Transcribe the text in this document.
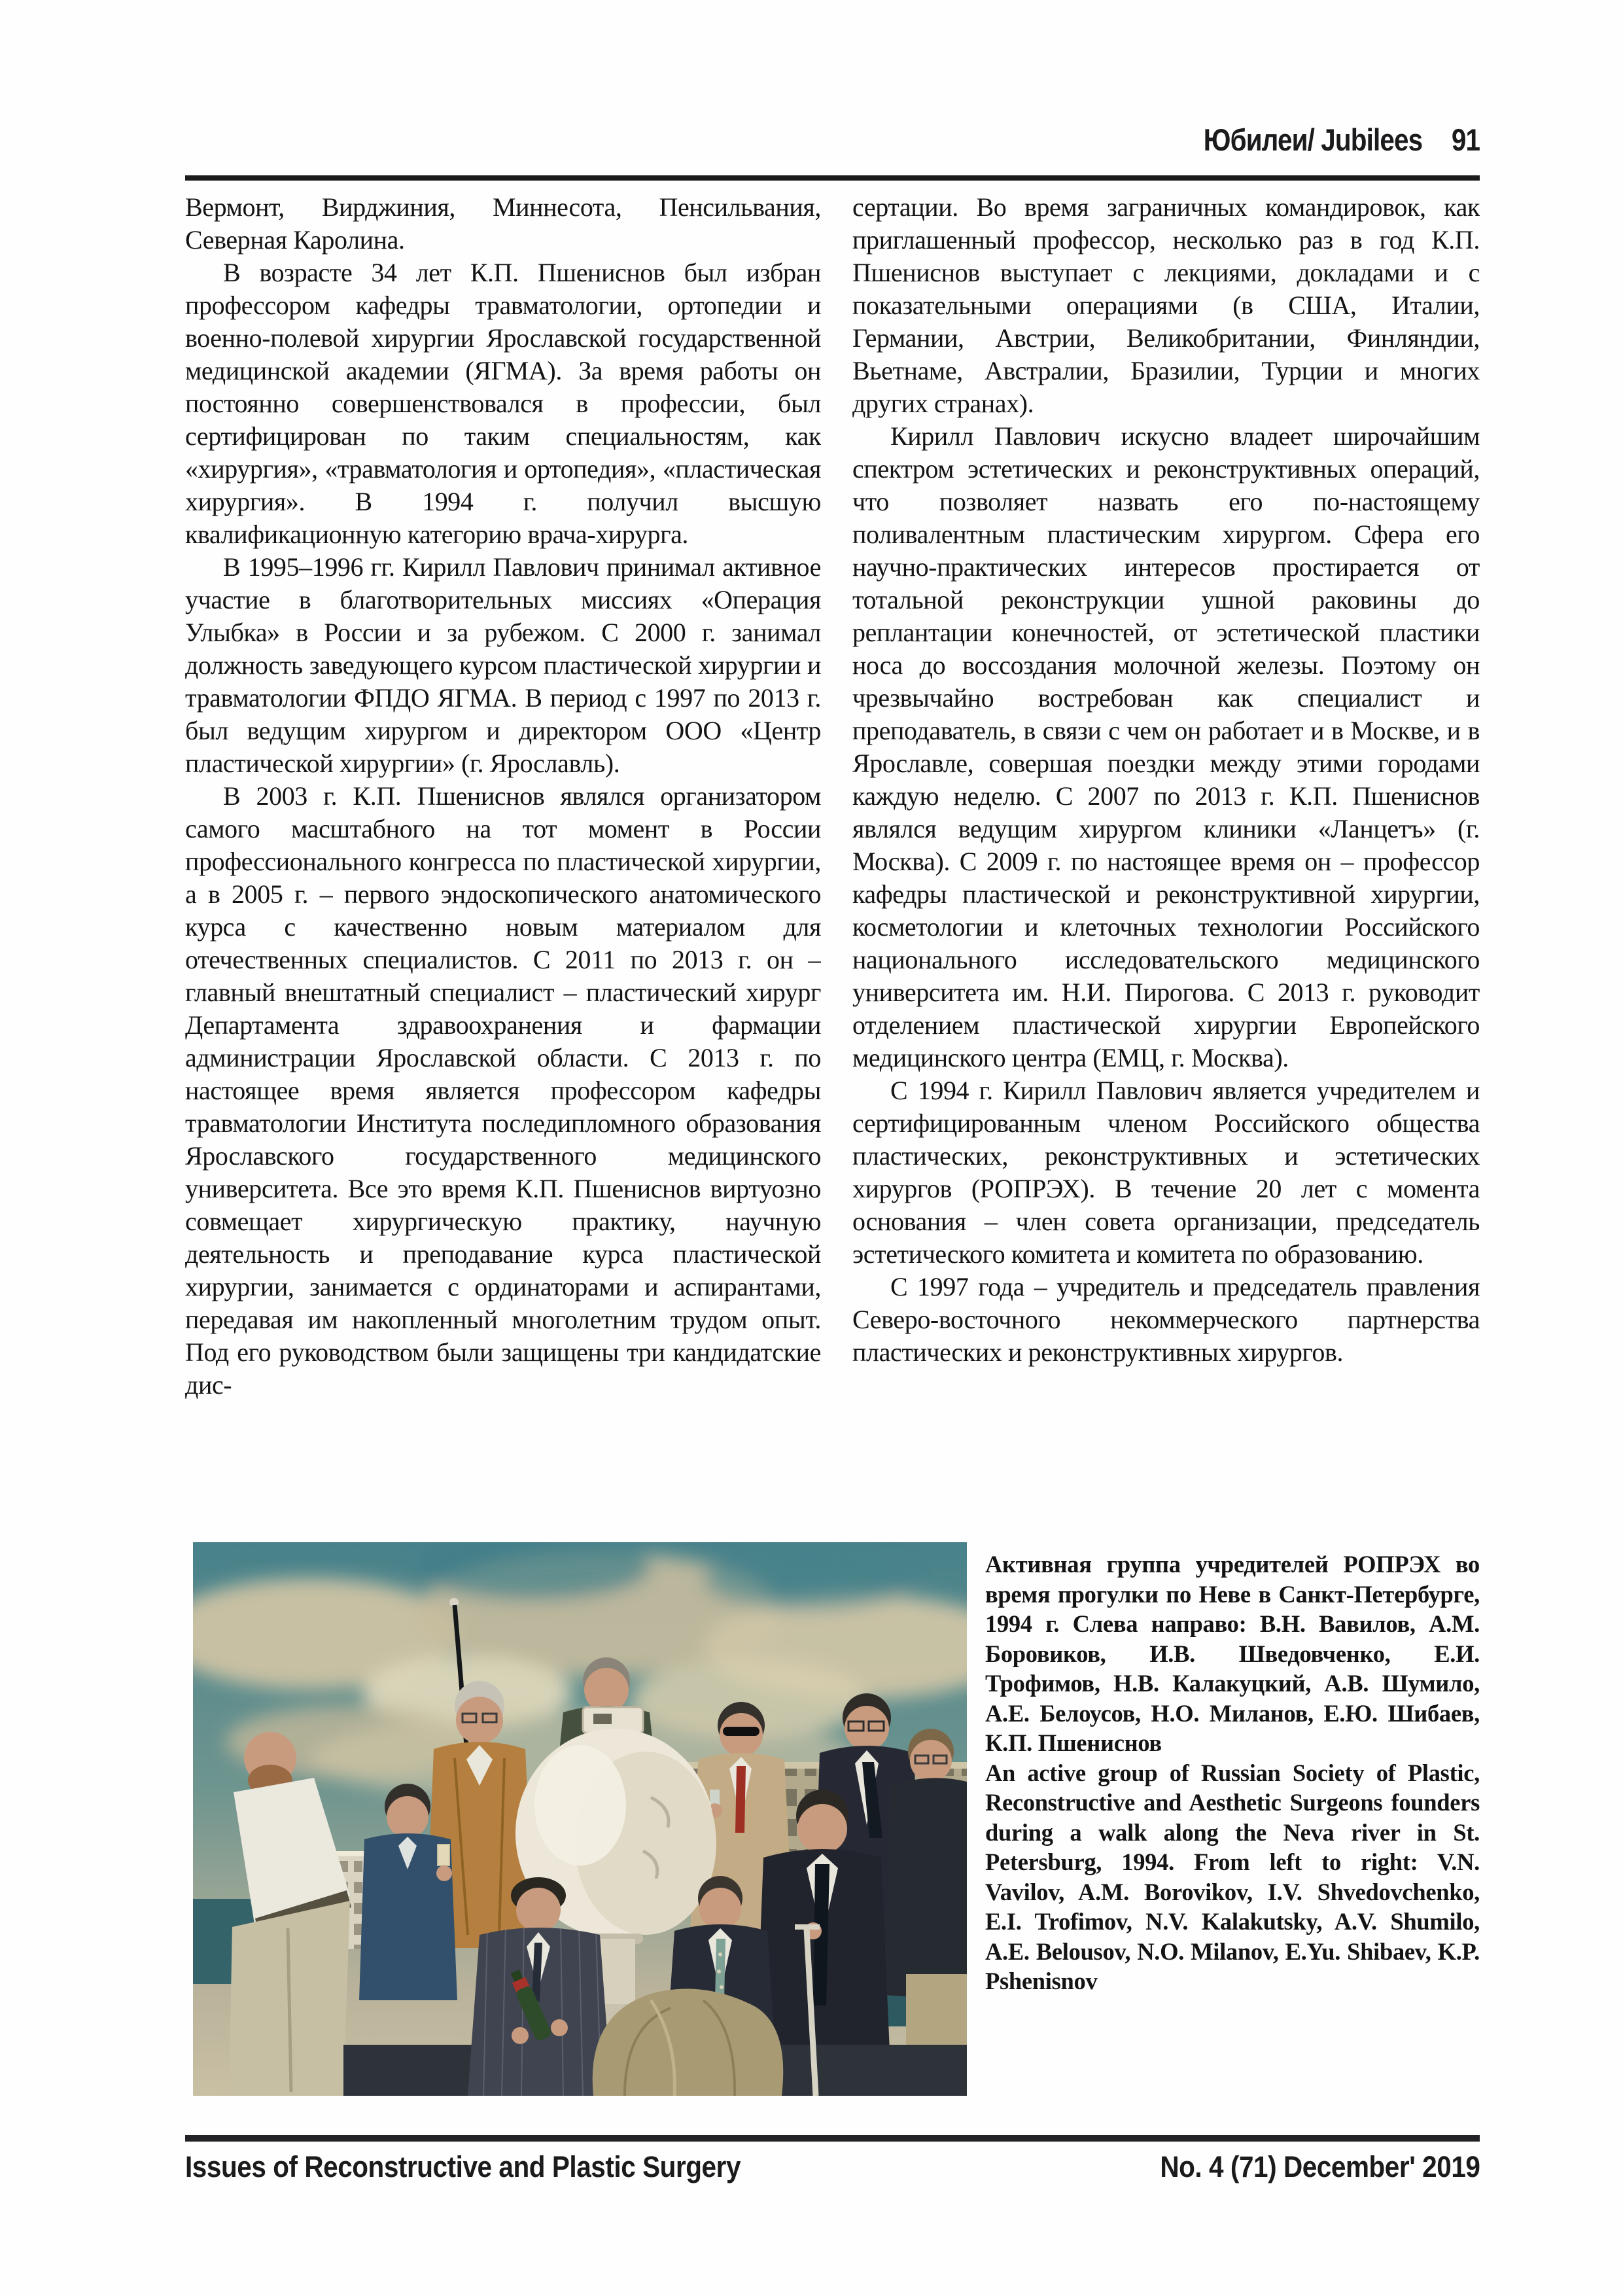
Юбилеи/ Jubilees 91

Вермонт, Вирджиния, Миннесота, Пенсильвания, Северная Каролина.

В возрасте 34 лет К.П. Пшениснов был избран профессором кафедры травматологии, ортопедии и военно-полевой хирургии Ярославской государственной медицинской академии (ЯГМА). За время работы он постоянно совершенствовался в профессии, был сертифицирован по таким специальностям, как «хирургия», «травматология и ортопедия», «пластическая хирургия». В 1994 г. получил высшую квалификационную категорию врача-хирурга.

В 1995–1996 гг. Кирилл Павлович принимал активное участие в благотворительных миссиях «Операция Улыбка» в России и за рубежом. С 2000 г. занимал должность заведующего курсом пластической хирургии и травматологии ФПДО ЯГМА. В период с 1997 по 2013 г. был ведущим хирургом и директором ООО «Центр пластической хирургии» (г. Ярославль).

В 2003 г. К.П. Пшениснов являлся организатором самого масштабного на тот момент в России профессионального конгресса по пластической хирургии, а в 2005 г. – первого эндоскопического анатомического курса с качественно новым материалом для отечественных специалистов. С 2011 по 2013 г. он – главный внештатный специалист – пластический хирург Департамента здравоохранения и фармации администрации Ярославской области. С 2013 г. по настоящее время является профессором кафедры травматологии Института последипломного образования Ярославского государственного медицинского университета. Все это время К.П. Пшениснов виртуозно совмещает хирургическую практику, научную деятельность и преподавание курса пластической хирургии, занимается с ординаторами и аспирантами, передавая им накопленный многолетним трудом опыт. Под его руководством были защищены три кандидатские дис-

сертации. Во время заграничных командировок, как приглашенный профессор, несколько раз в год К.П. Пшениснов выступает с лекциями, докладами и с показательными операциями (в США, Италии, Германии, Австрии, Великобритании, Финляндии, Вьетнаме, Австралии, Бразилии, Турции и многих других странах).

Кирилл Павлович искусно владеет широчайшим спектром эстетических и реконструктивных операций, что позволяет назвать его по-настоящему поливалентным пластическим хирургом. Сфера его научно-практических интересов простирается от тотальной реконструкции ушной раковины до реплантации конечностей, от эстетической пластики носа до воссоздания молочной железы. Поэтому он чрезвычайно востребован как специалист и преподаватель, в связи с чем он работает и в Москве, и в Ярославле, совершая поездки между этими городами каждую неделю. С 2007 по 2013 г. К.П. Пшениснов являлся ведущим хирургом клиники «Ланцетъ» (г. Москва). С 2009 г. по настоящее время он – профессор кафедры пластической и реконструктивной хирургии, косметологии и клеточных технологии Российского национального исследовательского медицинского университета им. Н.И. Пирогова. С 2013 г. руководит отделением пластической хирургии Европейского медицинского центра (ЕМЦ, г. Москва).

С 1994 г. Кирилл Павлович является учредителем и сертифицированным членом Российского общества пластических, реконструктивных и эстетических хирургов (РОПРЭХ). В течение 20 лет с момента основания – член совета организации, председатель эстетического комитета и комитета по образованию.

С 1997 года – учредитель и председатель правления Северо-восточного некоммерческого партнерства пластических и реконструктивных хирургов.

Активная группа учредителей РОПРЭХ во время прогулки по Неве в Санкт-Петербурге, 1994 г. Слева направо: В.Н. Вавилов, А.М. Боровиков, И.В. Шведовченко, Е.И. Трофимов, Н.В. Калакуцкий, А.В. Шумило, А.Е. Белоусов, Н.О. Миланов, Е.Ю. Шибаев, К.П. Пшениснов

An active group of Russian Society of Plastic, Reconstructive and Aesthetic Surgeons founders during a walk along the Neva river in St. Petersburg, 1994. From left to right: V.N. Vavilov, A.M. Borovikov, I.V. Shvedovchenko, E.I. Trofimov, N.V. Kalakutsky, A.V. Shumilo, A.E. Belousov, N.O. Milanov, E.Yu. Shibaev, K.P. Pshenisnov

Issues of Reconstructive and Plastic Surgery	No. 4 (71) December' 2019
